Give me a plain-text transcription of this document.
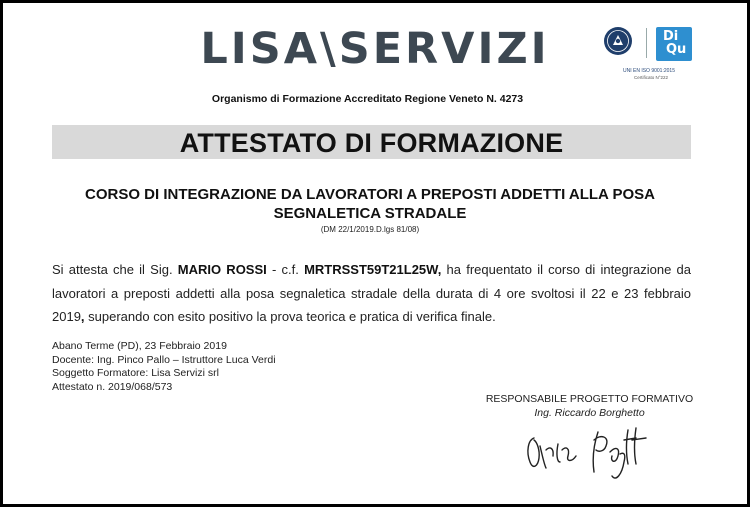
LISA\SERVIZI
Organismo di Formazione Accreditato Regione Veneto N. 4273
Di
Qu
UNI EN ISO 9001:2015
Certificato N°222
ATTESTATO DI FORMAZIONE
CORSO DI INTEGRAZIONE DA LAVORATORI A PREPOSTI ADDETTI ALLA POSA
SEGNALETICA STRADALE
(DM 22/1/2019.D.lgs 81/08)
Si attesta che il Sig. MARIO ROSSI - c.f. MRTRSST59T21L25W, ha frequentato il corso di integrazione da lavoratori a preposti addetti alla posa segnaletica stradale della durata di 4 ore svoltosi il 22 e 23 febbraio 2019, superando con esito positivo la prova teorica e pratica di verifica finale.
Abano Terme (PD), 23 Febbraio 2019
Docente: Ing. Pinco Pallo – Istruttore Luca Verdi
Soggetto Formatore: Lisa Servizi srl
Attestato n. 2019/068/573
RESPONSABILE PROGETTO FORMATIVO
Ing. Riccardo Borghetto
